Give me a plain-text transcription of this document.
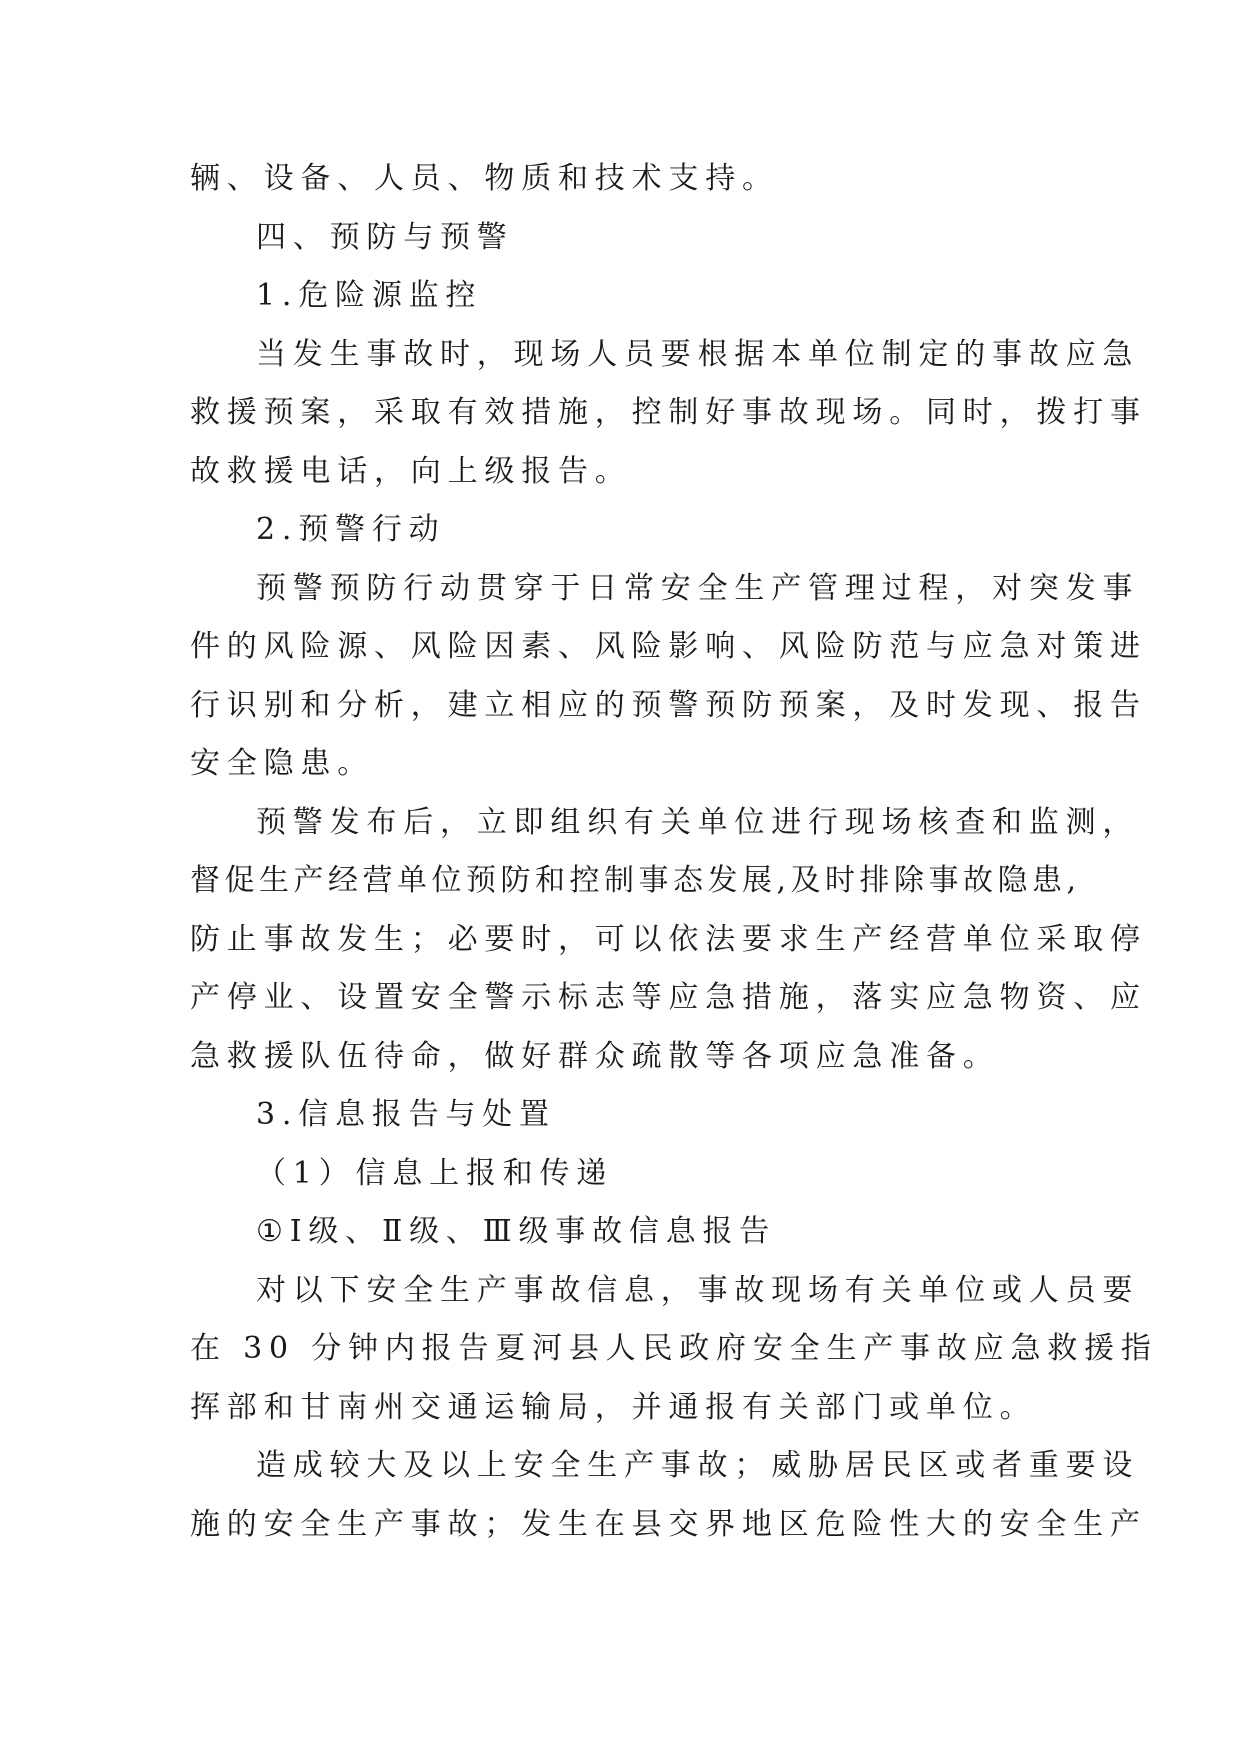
辆、设备、人员、物质和技术支持。
四、预防与预警
1.危险源监控
当发生事故时，现场人员要根据本单位制定的事故应急
救援预案，采取有效措施，控制好事故现场。同时，拨打事
故救援电话，向上级报告。
2.预警行动
预警预防行动贯穿于日常安全生产管理过程，对突发事
件的风险源、风险因素、风险影响、风险防范与应急对策进
行识别和分析，建立相应的预警预防预案，及时发现、报告
安全隐患。
预警发布后，立即组织有关单位进行现场核查和监测，
督促生产经营单位预防和控制事态发展,及时排除事故隐患,
防止事故发生；必要时，可以依法要求生产经营单位采取停
产停业、设置安全警示标志等应急措施，落实应急物资、应
急救援队伍待命，做好群众疏散等各项应急准备。
3.信息报告与处置
（1）信息上报和传递
①Ⅰ级、Ⅱ级、Ⅲ级事故信息报告
对以下安全生产事故信息，事故现场有关单位或人员要
在 30 分钟内报告夏河县人民政府安全生产事故应急救援指
挥部和甘南州交通运输局，并通报有关部门或单位。
造成较大及以上安全生产事故；威胁居民区或者重要设
施的安全生产事故；发生在县交界地区危险性大的安全生产
